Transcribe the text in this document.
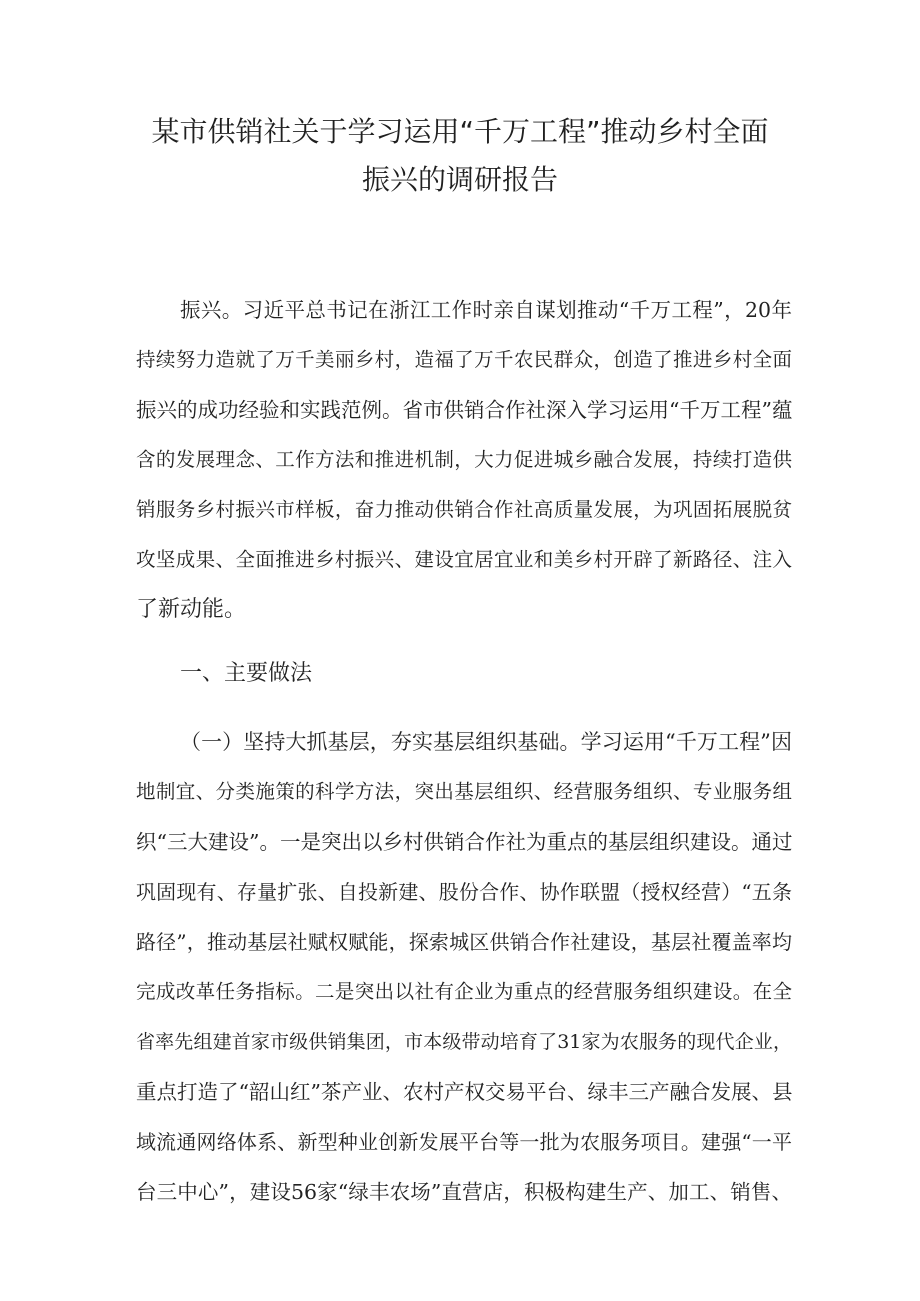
某市供销社关于学习运用“千万工程”推动乡村全面
振兴的调研报告
振兴。习近平总书记在浙江工作时亲自谋划推动“千万工程”，20年
持续努力造就了万千美丽乡村，造福了万千农民群众，创造了推进乡村全面
振兴的成功经验和实践范例。省市供销合作社深入学习运用“千万工程”蕴
含的发展理念、工作方法和推进机制，大力促进城乡融合发展，持续打造供
销服务乡村振兴市样板，奋力推动供销合作社高质量发展，为巩固拓展脱贫
攻坚成果、全面推进乡村振兴、建设宜居宜业和美乡村开辟了新路径、注入
了新动能。
一、主要做法
（一）坚持大抓基层，夯实基层组织基础。学习运用“千万工程”因
地制宜、分类施策的科学方法，突出基层组织、经营服务组织、专业服务组
织“三大建设”。一是突出以乡村供销合作社为重点的基层组织建设。通过
巩固现有、存量扩张、自投新建、股份合作、协作联盟（授权经营）“五条
路径”，推动基层社赋权赋能，探索城区供销合作社建设，基层社覆盖率均
完成改革任务指标。二是突出以社有企业为重点的经营服务组织建设。在全
省率先组建首家市级供销集团，市本级带动培育了31家为农服务的现代企业，
重点打造了“韶山红”茶产业、农村产权交易平台、绿丰三产融合发展、县
域流通网络体系、新型种业创新发展平台等一批为农服务项目。建强“一平
台三中心”，建设56家“绿丰农场”直营店，积极构建生产、加工、销售、
